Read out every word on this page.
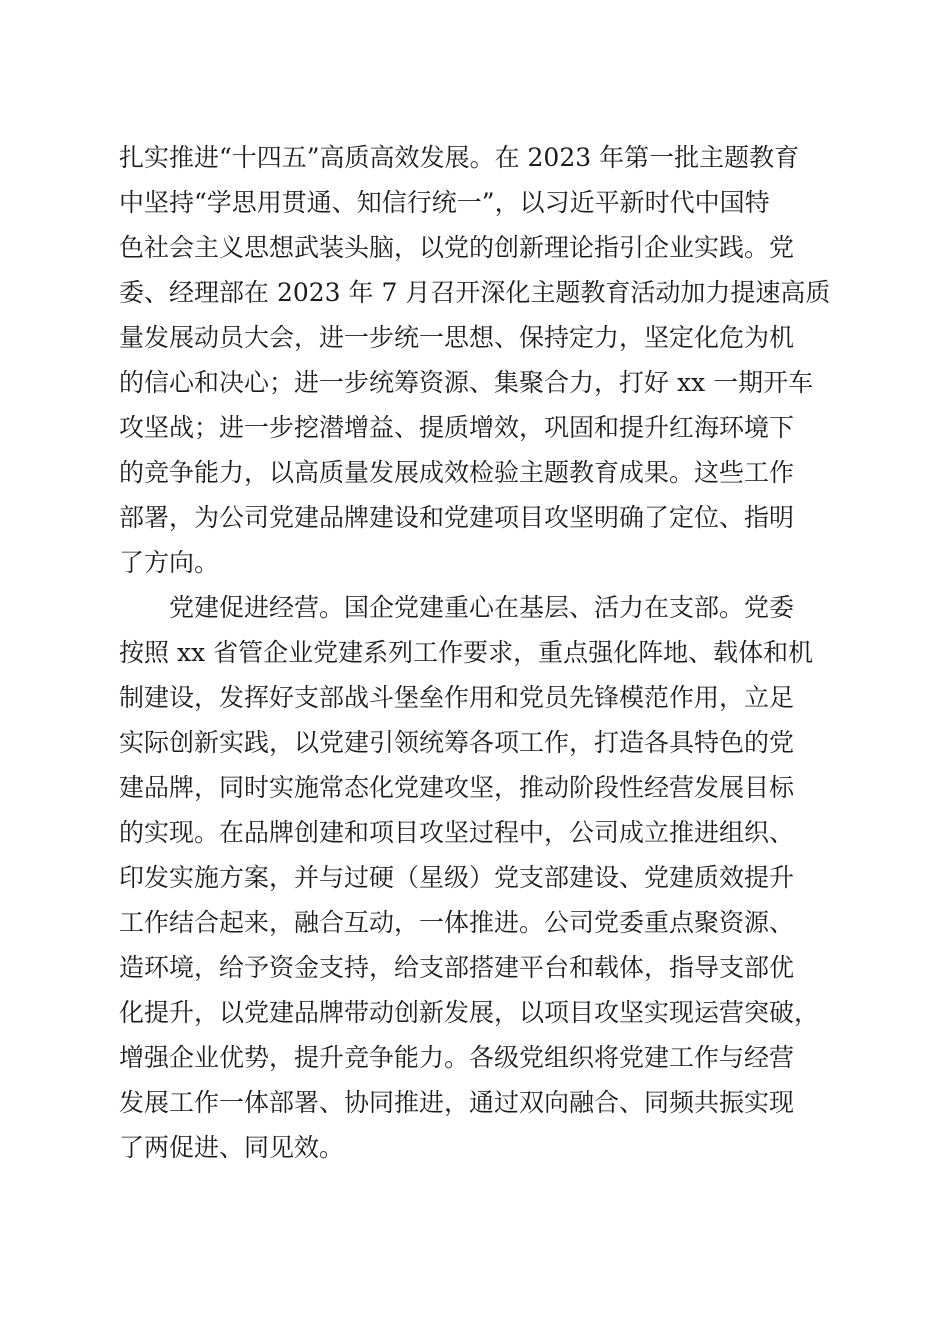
扎实推进“十四五”高质高效发展。在 2023 年第一批主题教育
中坚持“学思用贯通、知信行统一”，以习近平新时代中国特
色社会主义思想武装头脑，以党的创新理论指引企业实践。党
委、经理部在 2023 年 7 月召开深化主题教育活动加力提速高质
量发展动员大会，进一步统一思想、保持定力，坚定化危为机
的信心和决心；进一步统筹资源、集聚合力，打好 xx 一期开车
攻坚战；进一步挖潜增益、提质增效，巩固和提升红海环境下
的竞争能力，以高质量发展成效检验主题教育成果。这些工作
部署，为公司党建品牌建设和党建项目攻坚明确了定位、指明
了方向。
党建促进经营。国企党建重心在基层、活力在支部。党委
按照 xx 省管企业党建系列工作要求，重点强化阵地、载体和机
制建设，发挥好支部战斗堡垒作用和党员先锋模范作用，立足
实际创新实践，以党建引领统筹各项工作，打造各具特色的党
建品牌，同时实施常态化党建攻坚，推动阶段性经营发展目标
的实现。在品牌创建和项目攻坚过程中，公司成立推进组织、
印发实施方案，并与过硬（星级）党支部建设、党建质效提升
工作结合起来，融合互动，一体推进。公司党委重点聚资源、
造环境，给予资金支持，给支部搭建平台和载体，指导支部优
化提升，以党建品牌带动创新发展，以项目攻坚实现运营突破，
增强企业优势，提升竞争能力。各级党组织将党建工作与经营
发展工作一体部署、协同推进，通过双向融合、同频共振实现
了两促进、同见效。
